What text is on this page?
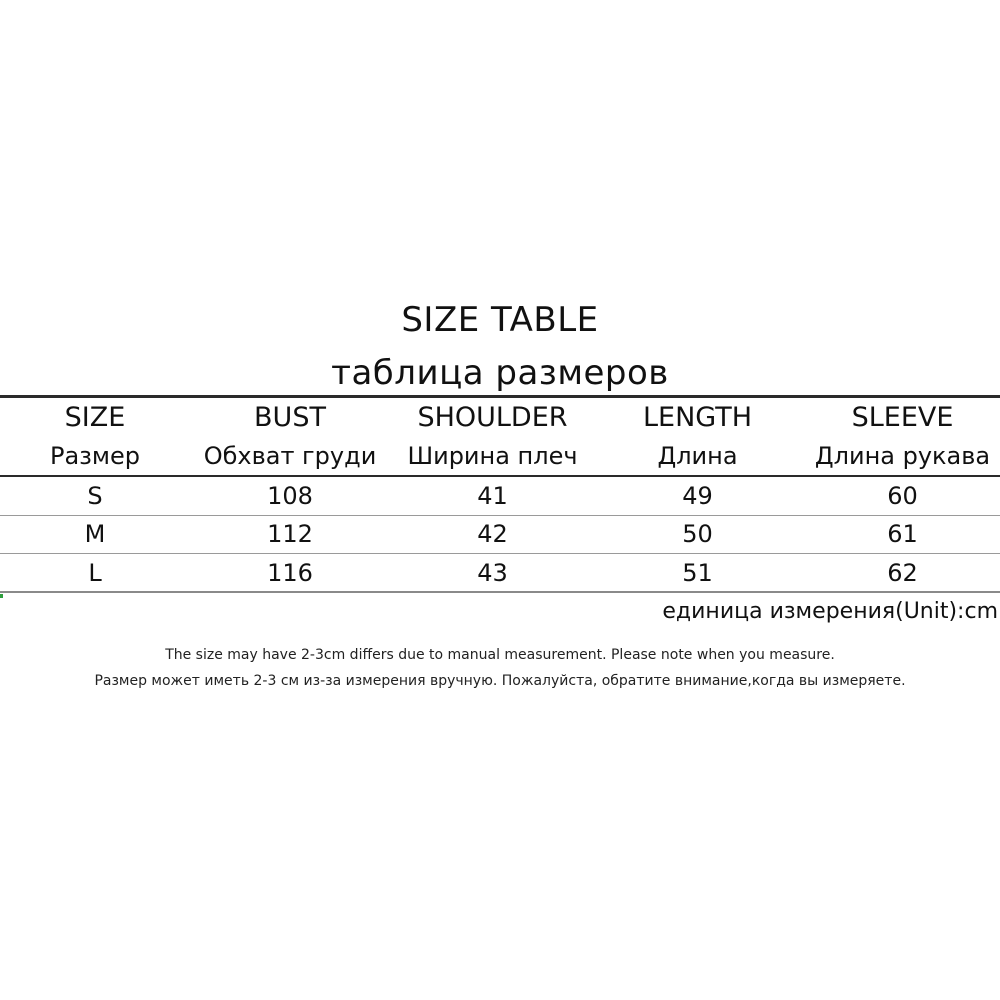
SIZE TABLE
таблица размеров
SIZE	BUST	SHOULDER	LENGTH	SLEEVE
Размер	Обхват груди	Ширина плеч	Длина	Длина рукава
S	108	41	49	60
M	112	42	50	61
L	116	43	51	62
единица измерения(Unit):cm
The size may have 2-3cm differs due to manual measurement. Please note when you measure.
Размер может иметь 2-3 см из-за измерения вручную. Пожалуйста, обратите внимание,когда вы измеряете.
